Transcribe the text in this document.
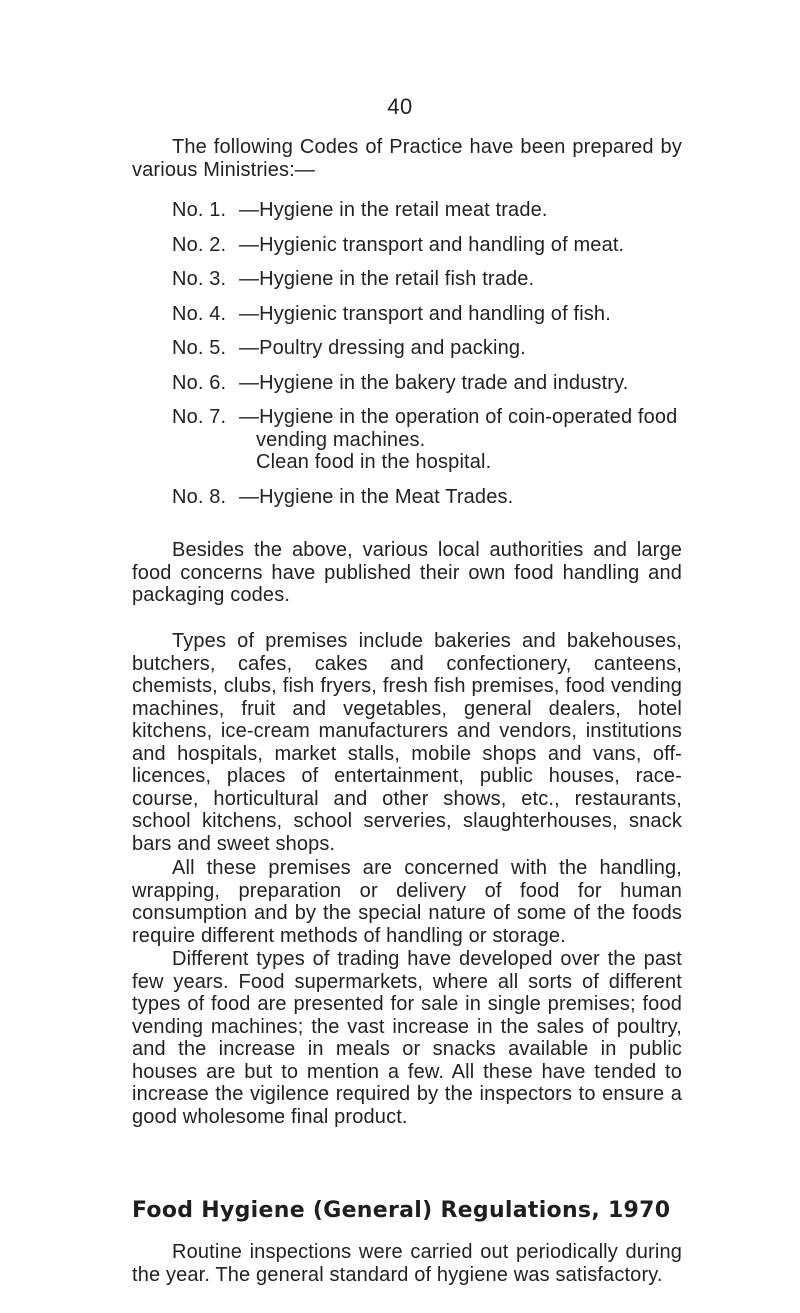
40

The following Codes of Practice have been prepared by various Ministries:—

No. 1. —Hygiene in the retail meat trade.
No. 2. —Hygienic transport and handling of meat.
No. 3. —Hygiene in the retail fish trade.
No. 4. —Hygienic transport and handling of fish.
No. 5. —Poultry dressing and packing.
No. 6. —Hygiene in the bakery trade and industry.
No. 7. —Hygiene in the operation of coin-operated food
vending machines.
Clean food in the hospital.
No. 8. —Hygiene in the Meat Trades.

Besides the above, various local authorities and large food concerns have published their own food handling and packaging codes.

Types of premises include bakeries and bakehouses, butchers, cafes, cakes and confectionery, canteens, chemists, clubs, fish fryers, fresh fish premises, food vending machines, fruit and vegetables, general dealers, hotel kitchens, ice-cream manufacturers and vendors, institutions and hospitals, market stalls, mobile shops and vans, off-licences, places of entertainment, public houses, race-course, horticultural and other shows, etc., restaurants, school kitchens, school serveries, slaughterhouses, snack bars and sweet shops.

All these premises are concerned with the handling, wrapping, preparation or delivery of food for human consumption and by the special nature of some of the foods require different methods of handling or storage.

Different types of trading have developed over the past few years. Food supermarkets, where all sorts of different types of food are presented for sale in single premises; food vending machines; the vast increase in the sales of poultry, and the increase in meals or snacks available in public houses are but to mention a few. All these have tended to increase the vigilence required by the inspectors to ensure a good wholesome final product.

Food Hygiene (General) Regulations, 1970

Routine inspections were carried out periodically during the year. The general standard of hygiene was satisfactory.
